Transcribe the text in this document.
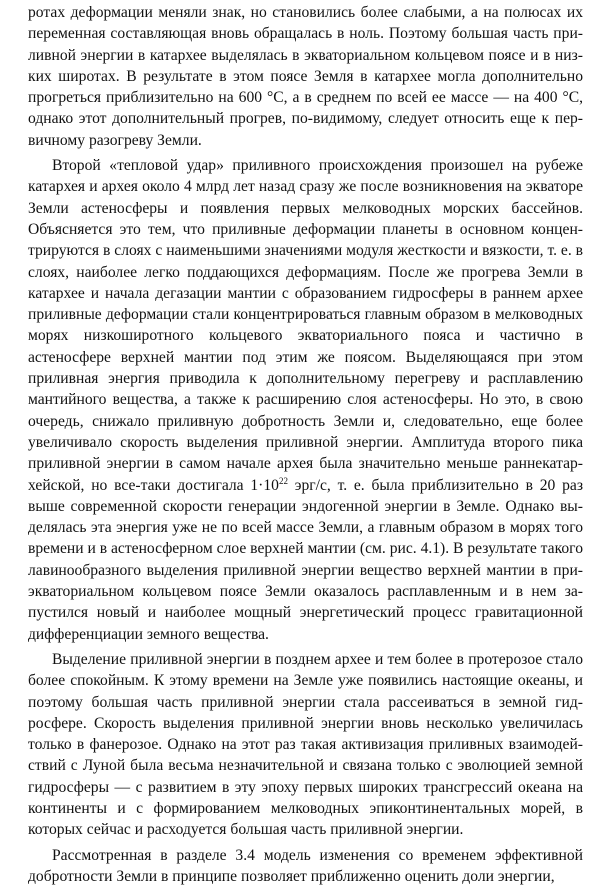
ротах деформации меняли знак, но становились более слабыми, а на полюсах их переменная составляющая вновь обращалась в ноль. Поэтому большая часть приливной энергии в катархее выделялась в экваториальном кольцевом поясе и в низких широтах. В результате в этом поясе Земля в катархее могла дополнительно прогреться приблизительно на 600 °С, а в среднем по всей ее массе — на 400 °С, однако этот дополнительный прогрев, по-видимому, следует относить еще к первичному разогреву Земли.

Второй «тепловой удар» приливного происхождения произошел на рубеже катархея и архея около 4 млрд лет назад сразу же после возникновения на экваторе Земли астеносферы и появления первых мелководных морских бассейнов. Объясняется это тем, что приливные деформации планеты в основном концентрируются в слоях с наименьшими значениями модуля жесткости и вязкости, т. е. в слоях, наиболее легко поддающихся деформациям. После же прогрева Земли в катархее и начала дегазации мантии с образованием гидросферы в раннем архее приливные деформации стали концентрироваться главным образом в мелководных морях низкоширотного кольцевого экваториального пояса и частично в астеносфере верхней мантии под этим же поясом. Выделяющаяся при этом приливная энергия приводила к дополнительному перегреву и расплавлению мантийного вещества, а также к расширению слоя астеносферы. Но это, в свою очередь, снижало приливную добротность Земли и, следовательно, еще более увеличивало скорость выделения приливной энергии. Амплитуда второго пика приливной энергии в самом начале архея была значительно меньше раннекатархейской, но все-таки достигала $1\cdot 10^{22}$ эрг/с, т. е. была приблизительно в 20 раз выше современной скорости генерации эндогенной энергии в Земле. Однако выделялась эта энергия уже не по всей массе Земли, а главным образом в морях того времени и в астеносферном слое верхней мантии (см. рис. 4.1). В результате такого лавинообразного выделения приливной энергии вещество верхней мантии в приэкваториальном кольцевом поясе Земли оказалось расплавленным и в нем запустился новый и наиболее мощный энергетический процесс гравитационной дифференциации земного вещества.

Выделение приливной энергии в позднем архее и тем более в протерозое стало более спокойным. К этому времени на Земле уже появились настоящие океаны, и поэтому большая часть приливной энергии стала рассеиваться в земной гидросфере. Скорость выделения приливной энергии вновь несколько увеличилась только в фанерозое. Однако на этот раз такая активизация приливных взаимодействий с Луной была весьма незначительной и связана только с эволюцией земной гидросферы — с развитием в эту эпоху первых широких трансгрессий океана на континенты и с формированием мелководных эпиконтинентальных морей, в которых сейчас и расходуется большая часть приливной энергии.

Рассмотренная в разделе 3.4 модель изменения со временем эффективной добротности Земли в принципе позволяет приближенно оценить доли энергии,
